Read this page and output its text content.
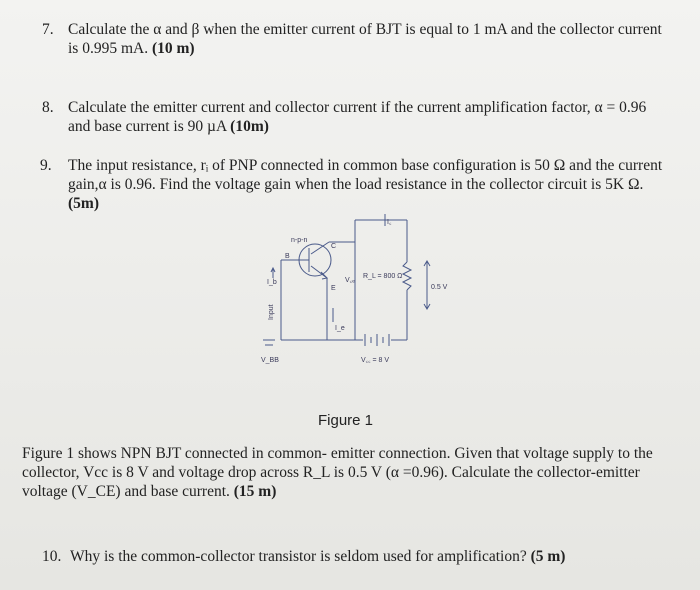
7. Calculate the α and β when the emitter current of BJT is equal to 1 mA and the collector current
is 0.995 mA. (10 m)
8. Calculate the emitter current and collector current if the current amplification factor, α = 0.96
and base current is 90 µA (10m)
9. The input resistance, rᵢ of PNP connected in common base configuration is 50 Ω and the current
gain,α is 0.96. Find the voltage gain when the load resistance in the collector circuit is 5K Ω.
(5m)
n-p-n
C
B
E
I꜀
I_b
I_e
V꜀ₑ
R_L = 800 Ω
0.5 V
V_BB	V꜀꜀ = 8 V
Input
Figure 1
Figure 1 shows NPN BJT connected in common- emitter connection. Given that voltage supply to the
collector, Vcc is 8 V and voltage drop across R_L is 0.5 V (α =0.96). Calculate the collector-emitter
voltage (V_CE) and base current. (15 m)
10. Why is the common-collector transistor is seldom used for amplification? (5 m)
